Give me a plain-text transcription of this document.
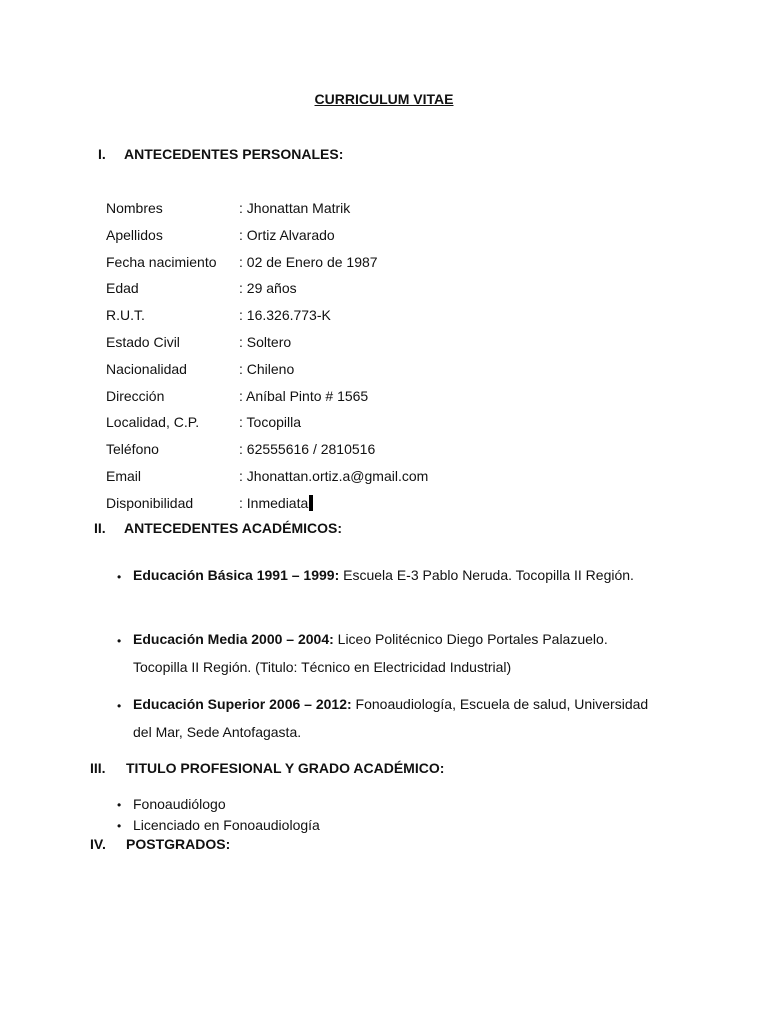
CURRICULUM VITAE
I. ANTECEDENTES PERSONALES:
Nombres	: Jhonattan Matrik
Apellidos	: Ortiz Alvarado
Fecha nacimiento : 02 de Enero de 1987
Edad	: 29 años
R.U.T.	: 16.326.773-K
Estado Civil	: Soltero
Nacionalidad	: Chileno
Dirección	: Aníbal Pinto # 1565
Localidad, C.P.	: Tocopilla
Teléfono	: 62555616 / 2810516
Email	: Jhonattan.ortiz.a@gmail.com
Disponibilidad	: Inmediata
II. ANTECEDENTES ACADÉMICOS:
•
Educación Básica 1991 – 1999: Escuela E-3 Pablo Neruda. Tocopilla II Región.
•
Educación Media 2000 – 2004: Liceo Politécnico Diego Portales Palazuelo. Tocopilla II Región. (Titulo: Técnico en Electricidad Industrial)
•
Educación Superior 2006 – 2012: Fonoaudiología, Escuela de salud, Universidad del Mar, Sede Antofagasta.
III. TITULO PROFESIONAL Y GRADO ACADÉMICO:
•
Fonoaudiólogo
•
Licenciado en Fonoaudiología
IV. POSTGRADOS:
